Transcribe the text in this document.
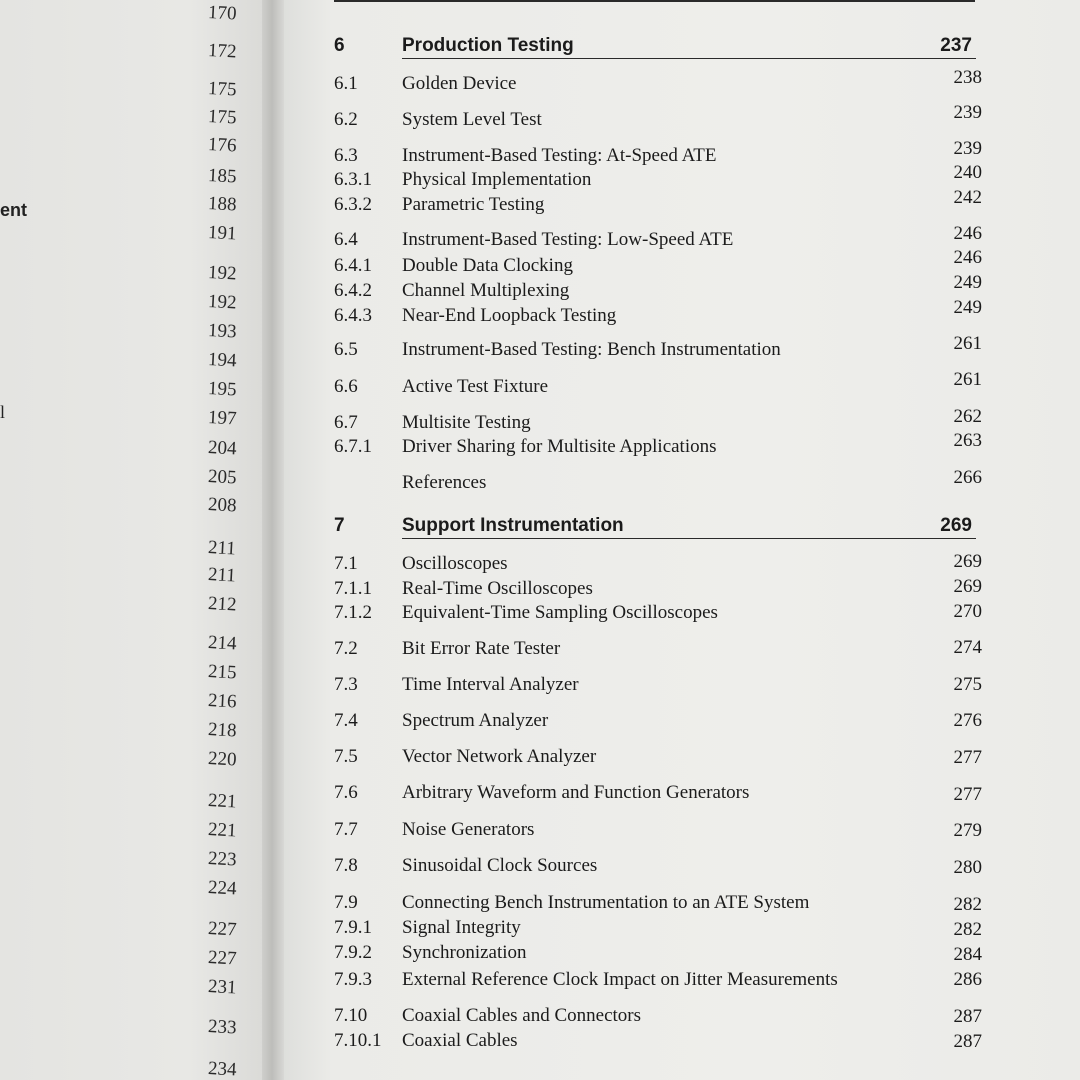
ent
l
170
172
175
175
176
185
188
191
192
192
193
194
195
197
204
205
208
211
211
212
214
215
216
218
220
221
221
223
224
227
227
231
233
234
6	Production Testing	237
6.1 Golden Device	238
6.2 System Level Test	239
6.3 Instrument-Based Testing: At-Speed ATE	239
6.3.1 Physical Implementation	240
6.3.2 Parametric Testing	242
6.4 Instrument-Based Testing: Low-Speed ATE	246
6.4.1 Double Data Clocking	246
6.4.2 Channel Multiplexing	249
6.4.3 Near-End Loopback Testing	249
6.5 Instrument-Based Testing: Bench Instrumentation	261
6.6 Active Test Fixture	261
6.7 Multisite Testing	262
6.7.1 Driver Sharing for Multisite Applications	263
References	266
7	Support Instrumentation	269
7.1 Oscilloscopes	269
7.1.1 Real-Time Oscilloscopes	269
7.1.2 Equivalent-Time Sampling Oscilloscopes	270
7.2 Bit Error Rate Tester	274
7.3 Time Interval Analyzer	275
7.4 Spectrum Analyzer	276
7.5 Vector Network Analyzer	277
7.6 Arbitrary Waveform and Function Generators	277
7.7 Noise Generators	279
7.8 Sinusoidal Clock Sources	280
7.9 Connecting Bench Instrumentation to an ATE System	282
7.9.1 Signal Integrity	282
7.9.2 Synchronization	284
7.9.3 External Reference Clock Impact on Jitter Measurements	286
7.10 Coaxial Cables and Connectors	287
7.10.1 Coaxial Cables	287
